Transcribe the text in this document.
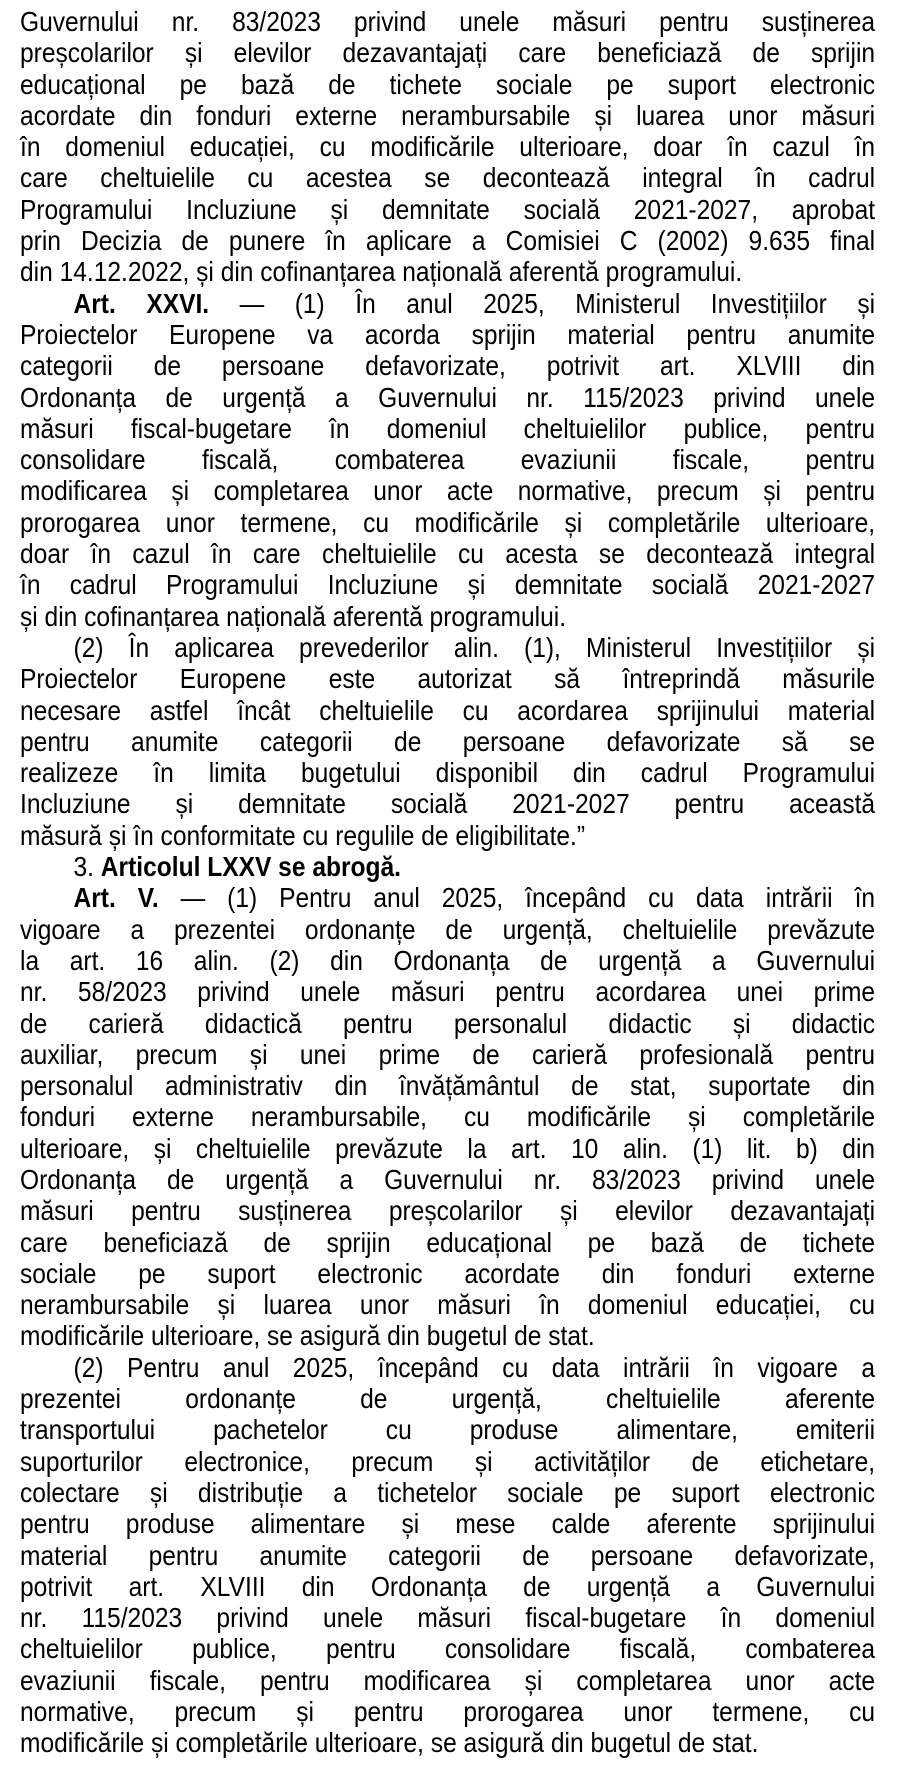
Guvernului nr. 83/2023 privind unele măsuri pentru susținerea
preșcolarilor și elevilor dezavantajați care beneficiază de sprijin
educațional pe bază de tichete sociale pe suport electronic
acordate din fonduri externe nerambursabile și luarea unor măsuri
în domeniul educației, cu modificările ulterioare, doar în cazul în
care cheltuielile cu acestea se decontează integral în cadrul
Programului Incluziune și demnitate socială 2021-2027, aprobat
prin Decizia de punere în aplicare a Comisiei C (2002) 9.635 final
din 14.12.2022, și din cofinanțarea națională aferentă programului.
Art. XXVI. — (1) În anul 2025, Ministerul Investițiilor și
Proiectelor Europene va acorda sprijin material pentru anumite
categorii de persoane defavorizate, potrivit art. XLVIII din
Ordonanța de urgență a Guvernului nr. 115/2023 privind unele
măsuri fiscal-bugetare în domeniul cheltuielilor publice, pentru
consolidare fiscală, combaterea evaziunii fiscale, pentru
modificarea și completarea unor acte normative, precum și pentru
prorogarea unor termene, cu modificările și completările ulterioare,
doar în cazul în care cheltuielile cu acesta se decontează integral
în cadrul Programului Incluziune și demnitate socială 2021-2027
și din cofinanțarea națională aferentă programului.
(2) În aplicarea prevederilor alin. (1), Ministerul Investițiilor și
Proiectelor Europene este autorizat să întreprindă măsurile
necesare astfel încât cheltuielile cu acordarea sprijinului material
pentru anumite categorii de persoane defavorizate să se
realizeze în limita bugetului disponibil din cadrul Programului
Incluziune și demnitate socială 2021-2027 pentru această
măsură și în conformitate cu regulile de eligibilitate.”
3. Articolul LXXV se abrogă.
Art. V. — (1) Pentru anul 2025, începând cu data intrării în
vigoare a prezentei ordonanțe de urgență, cheltuielile prevăzute
la art. 16 alin. (2) din Ordonanța de urgență a Guvernului
nr. 58/2023 privind unele măsuri pentru acordarea unei prime
de carieră didactică pentru personalul didactic și didactic
auxiliar, precum și unei prime de carieră profesională pentru
personalul administrativ din învățământul de stat, suportate din
fonduri externe nerambursabile, cu modificările și completările
ulterioare, și cheltuielile prevăzute la art. 10 alin. (1) lit. b) din
Ordonanța de urgență a Guvernului nr. 83/2023 privind unele
măsuri pentru susținerea preșcolarilor și elevilor dezavantajați
care beneficiază de sprijin educațional pe bază de tichete
sociale pe suport electronic acordate din fonduri externe
nerambursabile și luarea unor măsuri în domeniul educației, cu
modificările ulterioare, se asigură din bugetul de stat.
(2) Pentru anul 2025, începând cu data intrării în vigoare a
prezentei ordonanțe de urgență, cheltuielile aferente
transportului pachetelor cu produse alimentare, emiterii
suporturilor electronice, precum și activităților de etichetare,
colectare și distribuție a tichetelor sociale pe suport electronic
pentru produse alimentare și mese calde aferente sprijinului
material pentru anumite categorii de persoane defavorizate,
potrivit art. XLVIII din Ordonanța de urgență a Guvernului
nr. 115/2023 privind unele măsuri fiscal-bugetare în domeniul
cheltuielilor publice, pentru consolidare fiscală, combaterea
evaziunii fiscale, pentru modificarea și completarea unor acte
normative, precum și pentru prorogarea unor termene, cu
modificările și completările ulterioare, se asigură din bugetul de stat.
